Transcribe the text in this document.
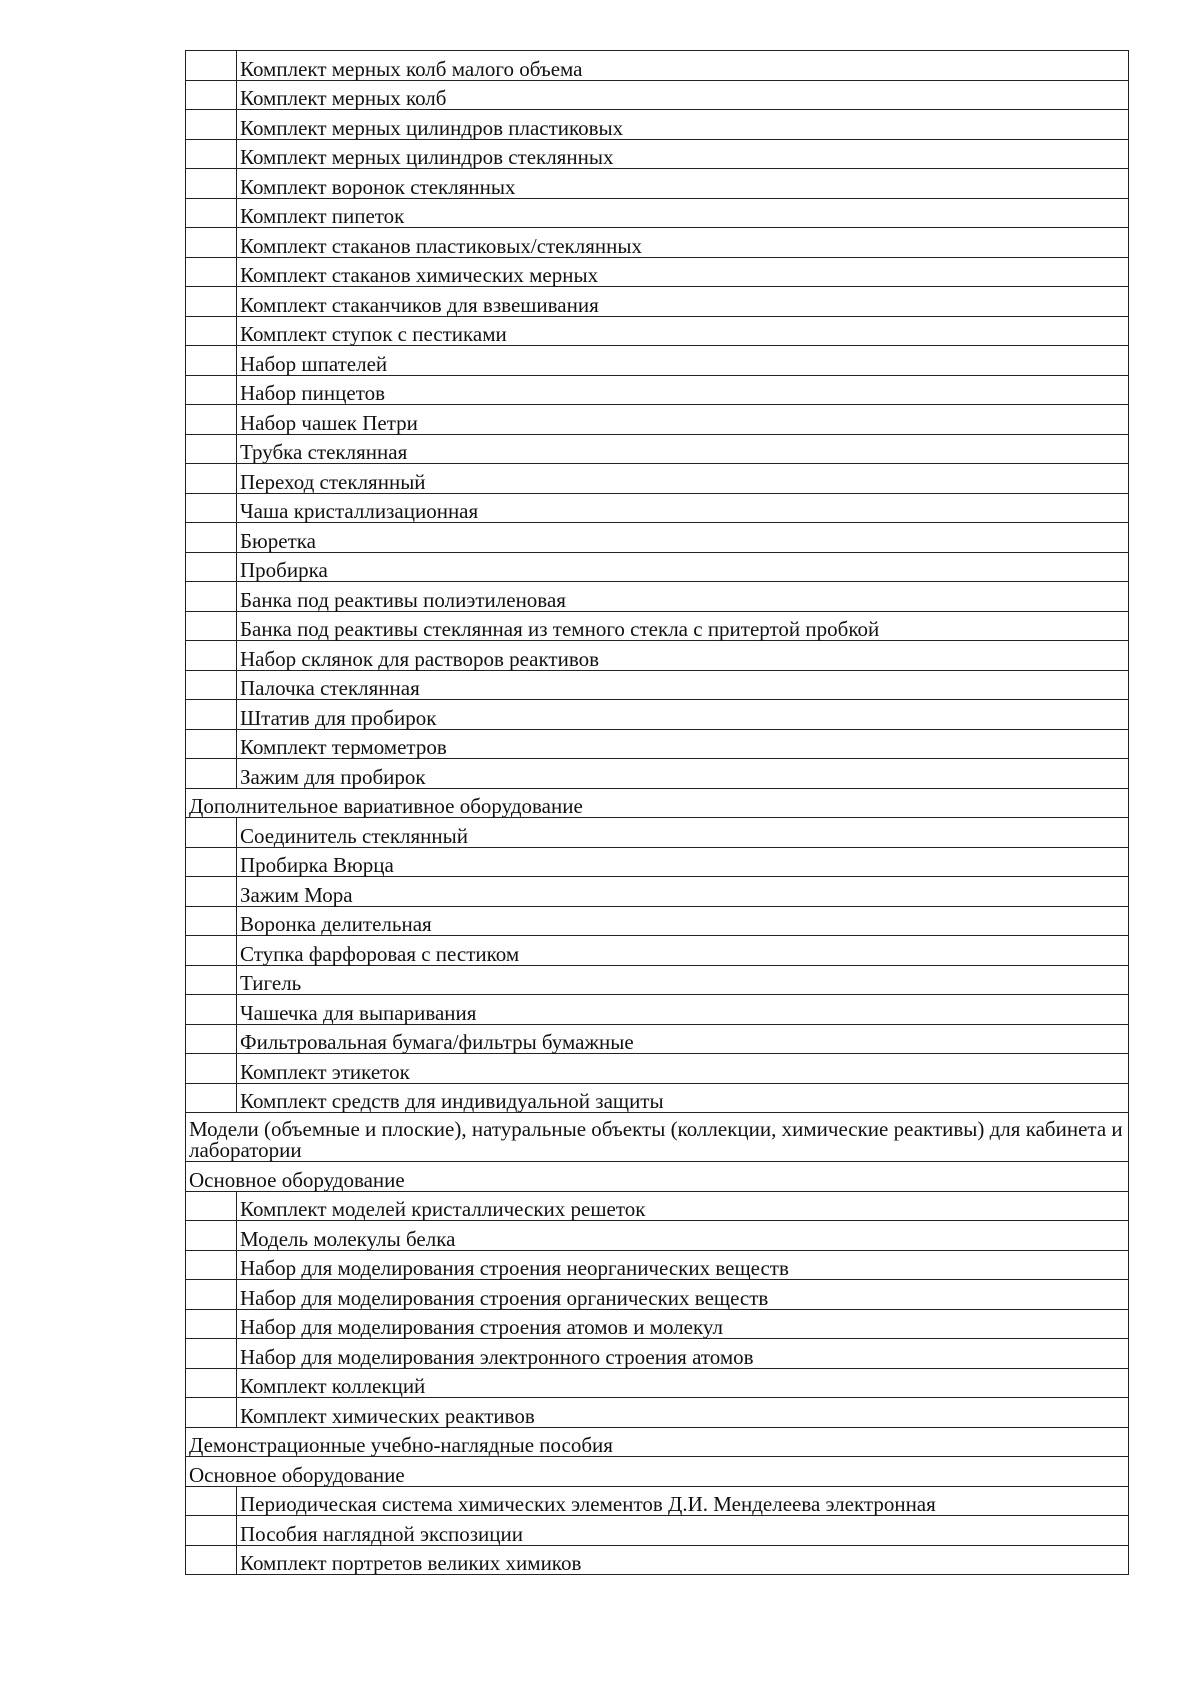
	Комплект мерных колб малого объема
	Комплект мерных колб
	Комплект мерных цилиндров пластиковых
	Комплект мерных цилиндров стеклянных
	Комплект воронок стеклянных
	Комплект пипеток
	Комплект стаканов пластиковых/стеклянных
	Комплект стаканов химических мерных
	Комплект стаканчиков для взвешивания
	Комплект ступок с пестиками
	Набор шпателей
	Набор пинцетов
	Набор чашек Петри
	Трубка стеклянная
	Переход стеклянный
	Чаша кристаллизационная
	Бюретка
	Пробирка
	Банка под реактивы полиэтиленовая
	Банка под реактивы стеклянная из темного стекла с притертой пробкой
	Набор склянок для растворов реактивов
	Палочка стеклянная
	Штатив для пробирок
	Комплект термометров
	Зажим для пробирок
Дополнительное вариативное оборудование	
	Соединитель стеклянный
	Пробирка Вюрца
	Зажим Мора
	Воронка делительная
	Ступка фарфоровая с пестиком
	Тигель
	Чашечка для выпаривания
	Фильтровальная бумага/фильтры бумажные
	Комплект этикеток
	Комплект средств для индивидуальной защиты
Модели (объемные и плоские), натуральные объекты (коллекции, химические реактивы) для кабинета и лаборатории	
Основное оборудование	
	Комплект моделей кристаллических решеток
	Модель молекулы белка
	Набор для моделирования строения неорганических веществ
	Набор для моделирования строения органических веществ
	Набор для моделирования строения атомов и молекул
	Набор для моделирования электронного строения атомов
	Комплект коллекций
	Комплект химических реактивов
Демонстрационные учебно-наглядные пособия	
Основное оборудование	
	Периодическая система химических элементов Д.И. Менделеева электронная
	Пособия наглядной экспозиции
	Комплект портретов великих химиков
